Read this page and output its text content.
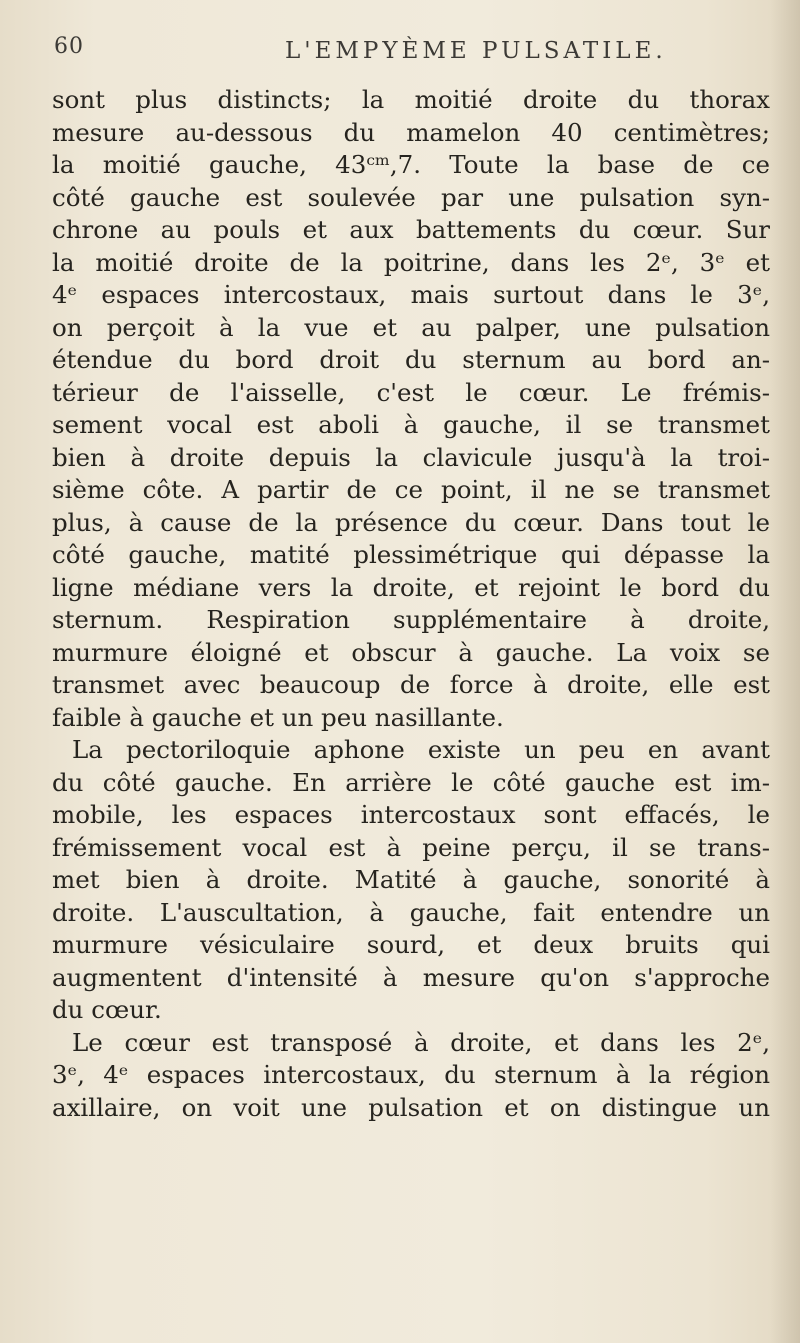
60	L'EMPYÈME PULSATILE.
sont plus distincts; la moitié droite du thorax
mesure au-dessous du mamelon 40 centimètres;
la moitié gauche, 43ᶜᵐ,7. Toute la base de ce
côté gauche est soulevée par une pulsation syn-
chrone au pouls et aux battements du cœur. Sur
la moitié droite de la poitrine, dans les 2ᵉ, 3ᵉ et
4ᵉ espaces intercostaux, mais surtout dans le 3ᵉ,
on perçoit à la vue et au palper, une pulsation
étendue du bord droit du sternum au bord an-
térieur de l'aisselle, c'est le cœur. Le frémis-
sement vocal est aboli à gauche, il se transmet
bien à droite depuis la clavicule jusqu'à la troi-
sième côte. A partir de ce point, il ne se transmet
plus, à cause de la présence du cœur. Dans tout le
côté gauche, matité plessimétrique qui dépasse la
ligne médiane vers la droite, et rejoint le bord du
sternum. Respiration supplémentaire à droite,
murmure éloigné et obscur à gauche. La voix se
transmet avec beaucoup de force à droite, elle est
faible à gauche et un peu nasillante.
La pectoriloquie aphone existe un peu en avant
du côté gauche. En arrière le côté gauche est im-
mobile, les espaces intercostaux sont effacés, le
frémissement vocal est à peine perçu, il se trans-
met bien à droite. Matité à gauche, sonorité à
droite. L'auscultation, à gauche, fait entendre un
murmure vésiculaire sourd, et deux bruits qui
augmentent d'intensité à mesure qu'on s'approche
du cœur.
Le cœur est transposé à droite, et dans les 2ᵉ,
3ᵉ, 4ᵉ espaces intercostaux, du sternum à la région
axillaire, on voit une pulsation et on distingue un
